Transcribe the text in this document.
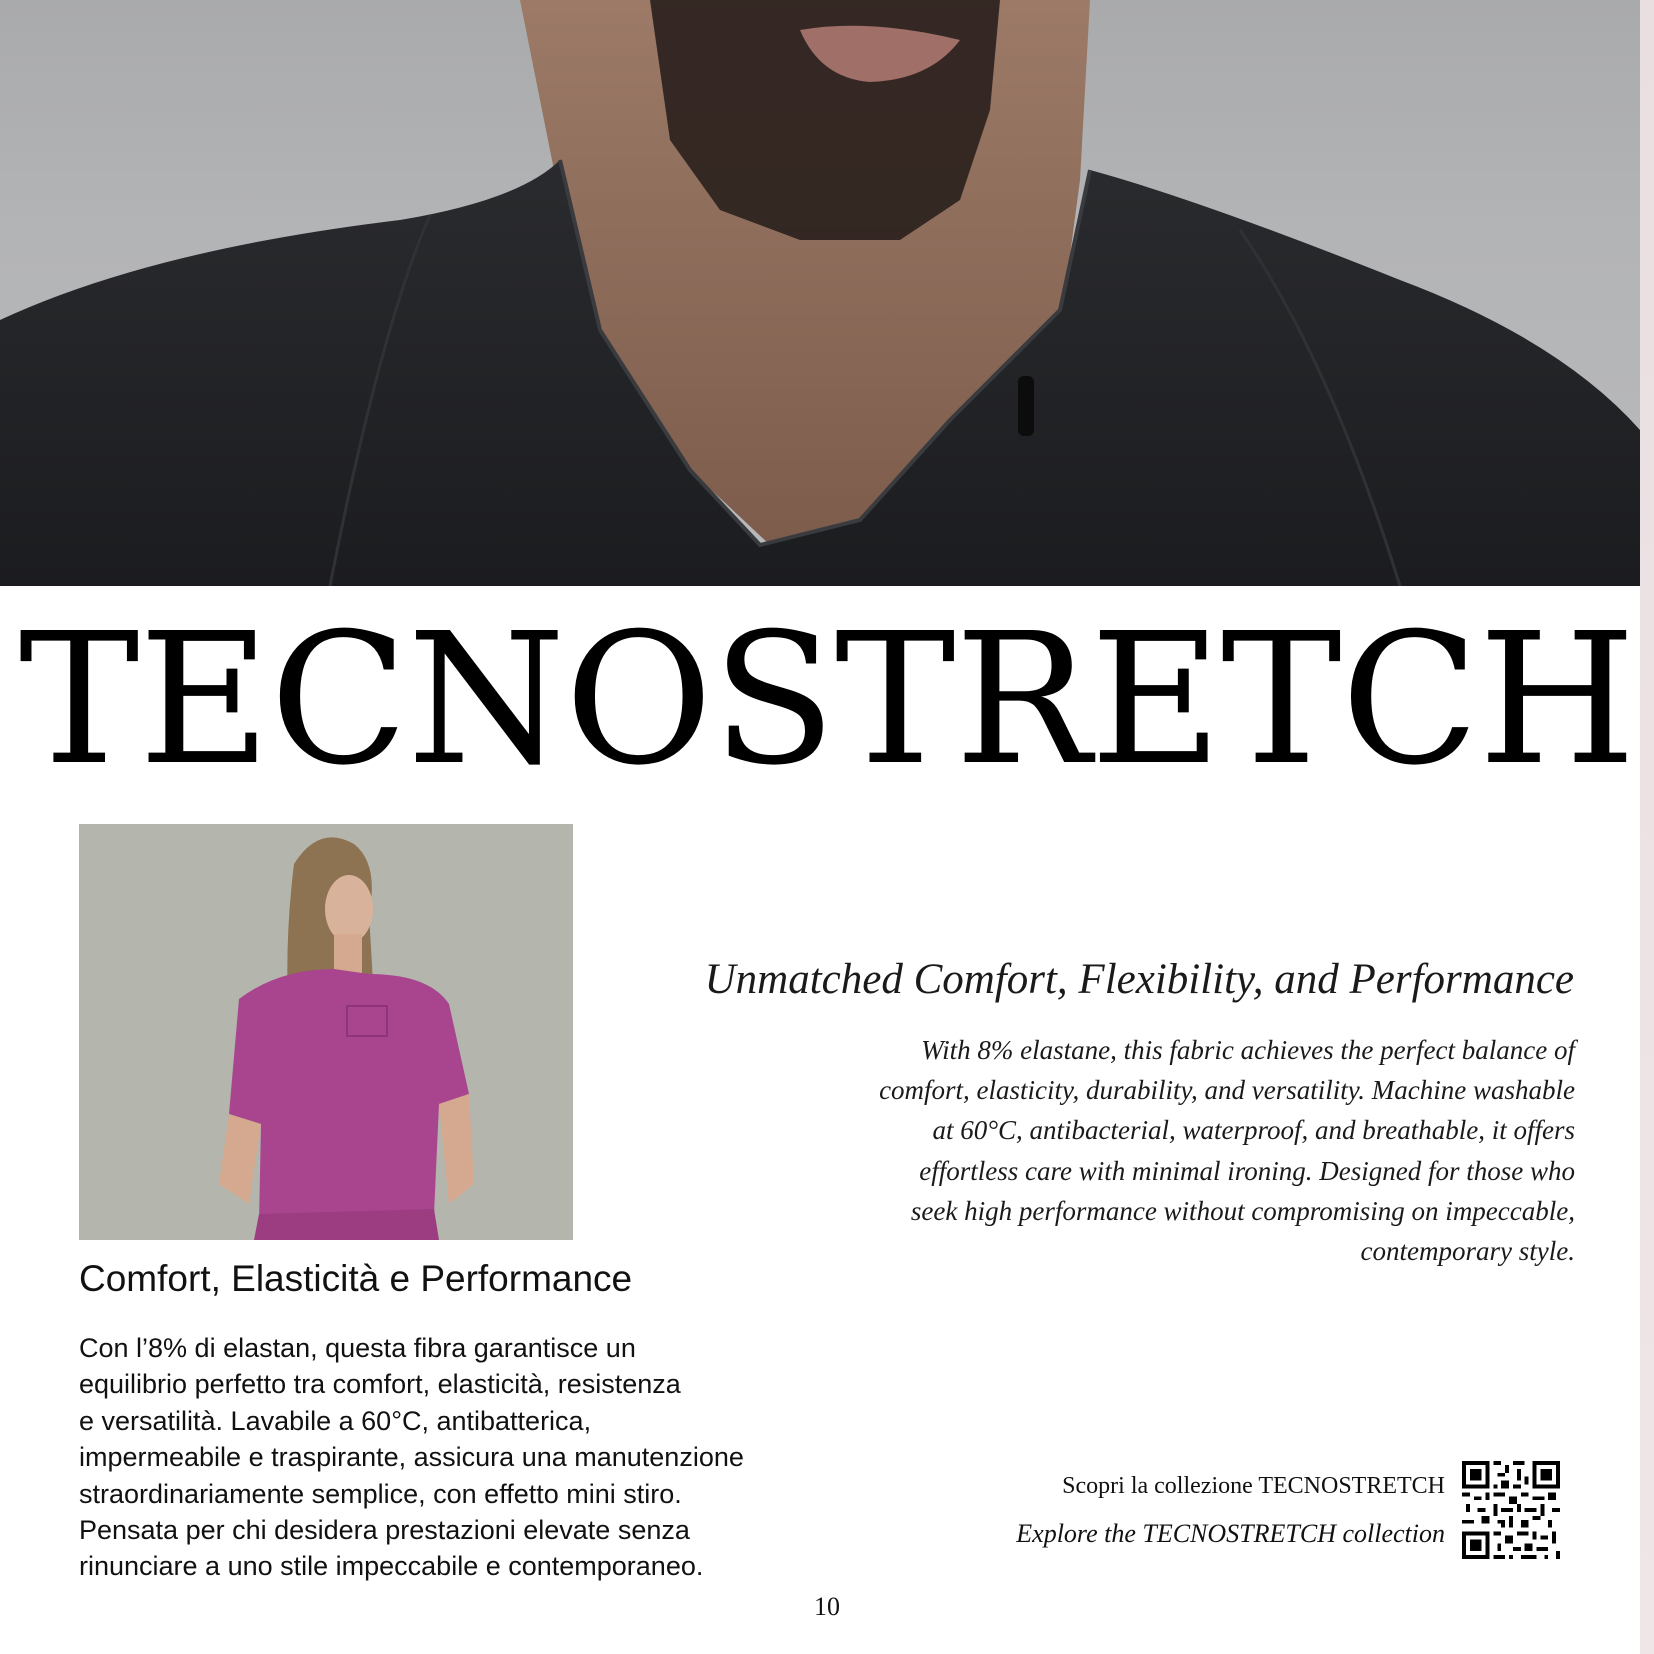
TECNOSTRETCH
Comfort, Elasticità e Performance

Con l’8% di elastan, questa fibra garantisce un
equilibrio perfetto tra comfort, elasticità, resistenza
e versatilità. Lavabile a 60°C, antibatterica,
impermeabile e traspirante, assicura una manutenzione
straordinariamente semplice, con effetto mini stiro.
Pensata per chi desidera prestazioni elevate senza
rinunciare a uno stile impeccabile e contemporaneo.

Unmatched Comfort, Flexibility, and Performance

With 8% elastane, this fabric achieves the perfect balance of
comfort, elasticity, durability, and versatility. Machine washable
at 60°C, antibacterial, waterproof, and breathable, it offers
effortless care with minimal ironing. Designed for those who
seek high performance without compromising on impeccable,
contemporary style.

Scopri la collezione TECNOSTRETCH

Explore the TECNOSTRETCH collection

10
